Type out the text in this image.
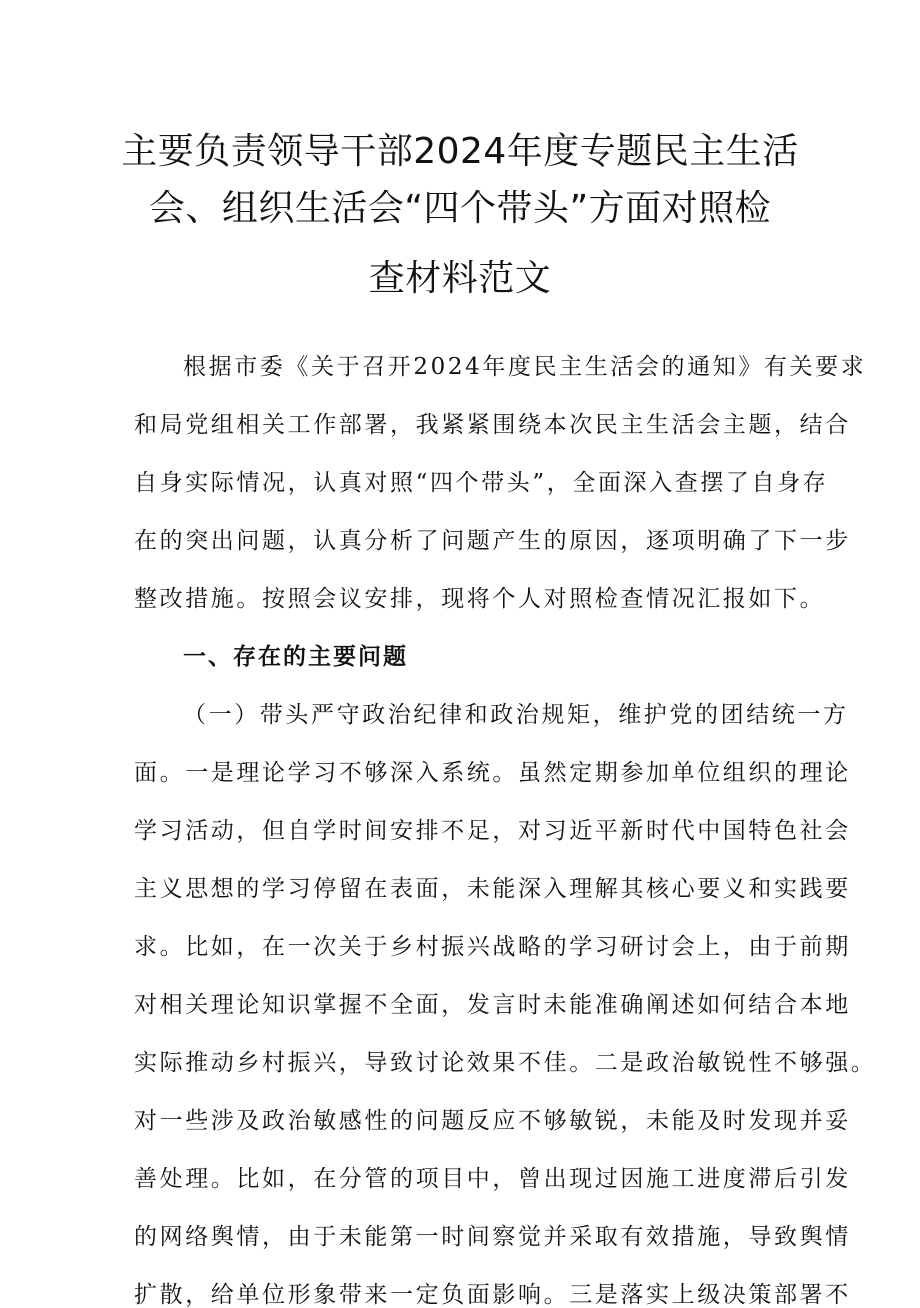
主要负责领导干部2024年度专题民主生活
会、组织生活会“四个带头”方面对照检
查材料范文
根据市委《关于召开2024年度民主生活会的通知》有关要求
和局党组相关工作部署，我紧紧围绕本次民主生活会主题，结合
自身实际情况，认真对照“四个带头”，全面深入查摆了自身存
在的突出问题，认真分析了问题产生的原因，逐项明确了下一步
整改措施。按照会议安排，现将个人对照检查情况汇报如下。
一、存在的主要问题
（一）带头严守政治纪律和政治规矩，维护党的团结统一方
面。一是理论学习不够深入系统。虽然定期参加单位组织的理论
学习活动，但自学时间安排不足，对习近平新时代中国特色社会
主义思想的学习停留在表面，未能深入理解其核心要义和实践要
求。比如，在一次关于乡村振兴战略的学习研讨会上，由于前期
对相关理论知识掌握不全面，发言时未能准确阐述如何结合本地
实际推动乡村振兴，导致讨论效果不佳。二是政治敏锐性不够强。
对一些涉及政治敏感性的问题反应不够敏锐，未能及时发现并妥
善处理。比如，在分管的项目中，曾出现过因施工进度滞后引发
的网络舆情，由于未能第一时间察觉并采取有效措施，导致舆情
扩散，给单位形象带来一定负面影响。三是落实上级决策部署不
